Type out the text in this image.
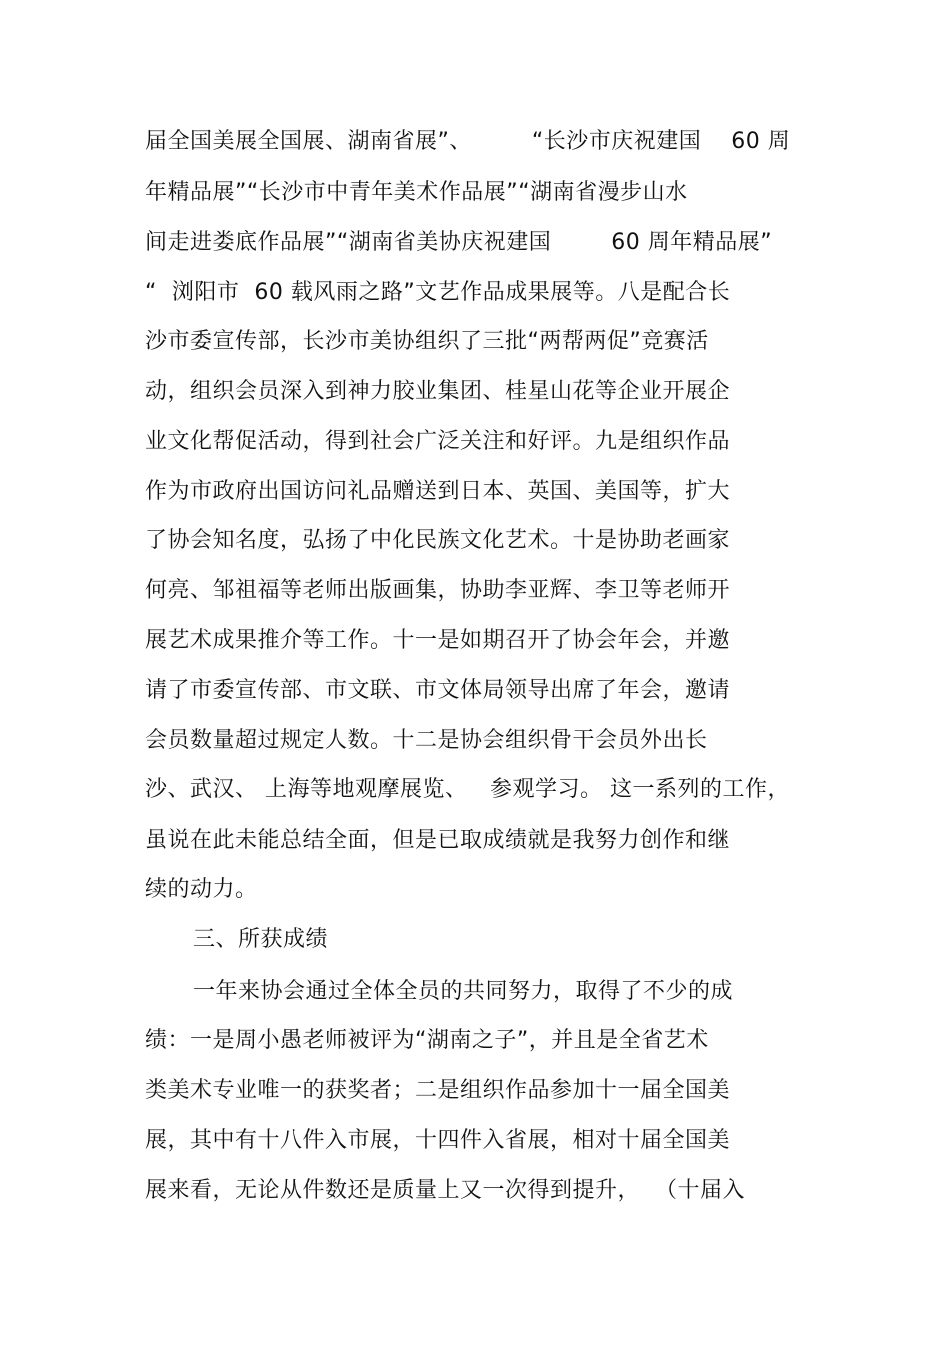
届全国美展全国展、湖南省展”、        “长沙市庆祝建国    60 周
年精品展”“长沙市中青年美术作品展”“湖南省漫步山水
间走进娄底作品展”“湖南省美协庆祝建国        60 周年精品展”
“  浏阳市  60 载风雨之路”文艺作品成果展等。八是配合长
沙市委宣传部，长沙市美协组织了三批“两帮两促”竞赛活
动，组织会员深入到神力胶业集团、桂星山花等企业开展企
业文化帮促活动，得到社会广泛关注和好评。九是组织作品
作为市政府出国访问礼品赠送到日本、英国、美国等，扩大
了协会知名度，弘扬了中化民族文化艺术。十是协助老画家
何亮、邹祖福等老师出版画集，协助李亚辉、李卫等老师开
展艺术成果推介等工作。十一是如期召开了协会年会，并邀
请了市委宣传部、市文联、市文体局领导出席了年会，邀请
会员数量超过规定人数。十二是协会组织骨干会员外出长
沙、武汉、 上海等地观摩展览、   参观学习。 这一系列的工作，
虽说在此未能总结全面，但是已取成绩就是我努力创作和继
续的动力。
三、所获成绩
一年来协会通过全体全员的共同努力，取得了不少的成
绩：一是周小愚老师被评为“湖南之子”，并且是全省艺术
类美术专业唯一的获奖者；二是组织作品参加十一届全国美
展，其中有十八件入市展，十四件入省展，相对十届全国美
展来看，无论从件数还是质量上又一次得到提升，  （十届入
